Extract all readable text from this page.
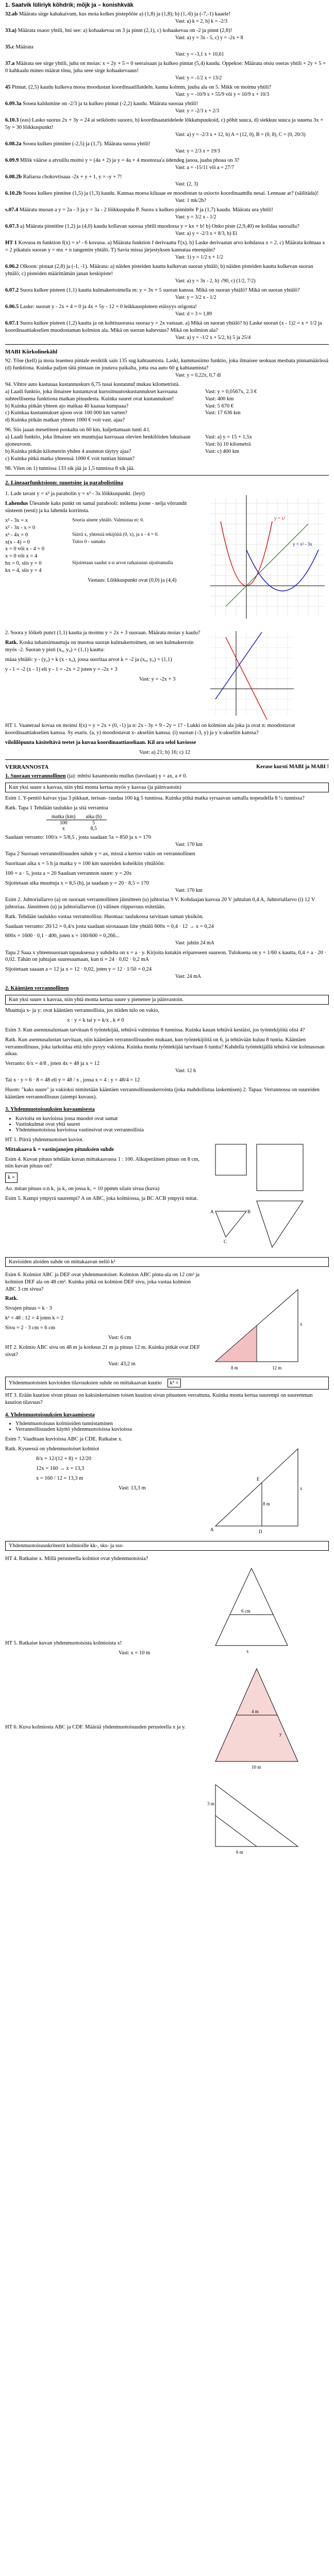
1. Saatvik lüliriyk kõhdrik; mõjk ja – konishkväk
32.ab Määrata sirge kahakaivum, kus moia kolkes pistepõõie a) (1,8) ja (1,8); b) (1,-6) ja (-7,-1) kaaele!
Vast: a) k = 2, b) k = -2/3
33.a) Määrata osaoo yhtili, hni see: a) kohaakevaa on 3 ja pinnt (2,1), c) kohaakevaa on -2 ja pinnt (2,8)!
Vast: a) y = 3x - 5, c) y = -2x + 8
35.c Määrata
Vast: y = -3,1 x + 10,61
37.a Määrata see sirge yhtili, juba on moias: x + 2y + 5 = 0 seeraisaan ja kulkeo pinnat (5,4) kaudu. Oppekoe: Määrata otsiu oseras yhtili + 2y + 5 = 0 kahkaalu mineo määrat tõnu, juba seee sirge kohaakevaaus!
Vast: y = -1/2 x + 13/2
45 Pinnat. (2,5) kaudu kulkeva mooa moodustan koordinaatillatdeln. kanna kolmm, juuba ala on 5. Mikk on moimu yhtili?
Vast: y = -10/9 x + 55/9 või y = 10/9 x + 10/3
6.09.3a Sooea kaldumine on -2/3 ja ta kulkeo pinnat (-2,2) kaudu. Määrata suooaa yhtili!
Vast: y = -2/3 x + 2/3
6.10.3 (eas) Lasko suorus 2x + 3y = 24 ai seiköotto suooro, b) koordinaatatidelede lõkkatspuukoid, c) põhit suuca, d) siekkuu suuca ja suuena 3x + 5y = 30 lõikkuspunkt!
Vast: a) y = -2/3 x + 12, b) A = (12, 0), B = (0, 8), C = (0, 20/3)
6.08.2a Sooea kulkeo pinnitee (-2,5) ja (1,7). Määrata suooa yhtili!
Vast: y = 2/3 x + 19/3
6.09.9 Mllik väärse a atvuillu moitsi y = (4a + 2) ja y = 4a + 4 mootoraa'a üdendeg jaooa, juaba phoaa on 3?
Vast: a = -15/11 või a = 27/7
6.08.2b Raliarsa chokovtisaaa -2x + y + 1, y = -y + 7!
Vast: (2, 3)
6.10.2b Sooea kulkeo pinnitee (1,5) ja (1,3) kaudu. Kannaa moesa kiluaae ee moodostan ta osiocto koordinaattdlu nesai. Lennaae ar? (säilitäda)!
Vast: 1 mk/2h?
s.07.4 Määrata muoan a y = 2a - 3 ja y = 3a - 2 lõikkuspuku P. Suora x kulkeo pinnitele P ja (1,7) kaudu. Määrata ura yhtili!
Vast: y = 3/2 x - 1/2
6.07.3 a) Määrata pinnitlee (1,2) ja (4,0) kaudu kollavan suooaa yhtili muodossa y = kx + b! b) Onko piste (2,9,40) ee kolldaa suooallu?
Vast: a) y = -2/3 x + 8/3, b) Ei
HT 1 Kovuoa m funktion f(x) = x² - 6 kovuoa. a) Määrata funktion f derivaatta f'(x). b) Laske derivaatan arvo kohdassa x = 2. c) Määrata kohtaaa x = 2 pikatuis suoran y = mx + n tangentin yhtälö. T) Savia missa järjestyksen kannataa eteenpäin?
Vast: 1) y = 1/2 x + 1/2
6.06.2 Olkoon: pistaat (2,8) ja (-1, -1). Määrata: a) näiden pisteiden kautta kulkevan suoran yhtälö; b) näiden pisteiden kautta kulkevan suoran yhtälö; c) pisteiden määrittämän janan keskipiste!
Vast: a) y = 3x - 2, b) √90, c) (1/2, 7/2)
6.07.2 Suora kulkee pisteen (1,1) kautta kulmakertoimella m: y = 3x + 5 suoran kanssa. Mikä on suoran yhtälö? Mikä on suoran yhtälö?
Vast: y = 3/2 x - 1/2
6.06.5 Laske: suoran y - 2x + 4 = 0 ja 4x + 5y - 12 = 0 leikkauspisteen etäisyys origosta!
Vast: d = 3 ≈ 1,89
6.07.1 Suora kulkee pisteen (1,2) kautta ja on kohtisuorassa suoraa y = 2x vastaan. a) Mikä on suoran yhtälö? b) Laske suoran (x - 1)2 = x + 1/2 ja koordinaattiakselien muodostaman kolmion ala. Mikä on suoran kaltevuus? Mikä on kolmion ala?
Vast: a) y = -1/2 x + 5/2, b) 5 ja 25/4
MABI Kõrkolinekähl
92. Tõse (kell) ja moia leaemea pintale eesiktik sain 135 sug kahtaumista. Laski, kummasiimo funktio, joka ilmaisee seokuas mesbata pinnamäärässä (d) funktiona. Kuinka paljon tätä pintaan on joutava paikalta, jotta osa auto 60 g kahtaumista?
Vast: y = 0,22x, 0,7 dl
94. Vihtre auto kastuuaa kustannuskurs 6,75 tusai kustannuf mukau kilometristä.
a) Laadi funktio, joka ilmaisee kustantavat kurssimuutoskustannukset kasvuana suhteelliseena funktiona matkan pituudesta. Kuinka suuret ovat kustannukset!
b) Kuinka pitkän yhteen ajo matkaa 40 kaasaa kumpaaa?
c) Kuinkaa kustannukset ajoon ovat 100 000 km varten?
d) Kuinka pitkän matkan yhteen 1000 € voit vast. ajaa?
Vast: y = 0,0567x, 2.3 €
Vast: 400 km
Vast: 5 670 €
Vast: 17 636 km
96. Siis jaaan mesetiteen poskalta on 60 km, kuljettamaan tunti 4 l.
a) Laadi funktio, joka ilmaisee sen muuttujaa kasvuaaa olevien henkilöiden lukuisaan ajoneuvoon.
b) Kuinka pitkän kilometrin yhden 4 asunnon täytyy ajaa?
c) Kuinka pitkä matka yhteensä 1000 € voit tuntian hinnan?
Vast: a) y = 15 + 1,5x
Vast: b) 10 kilometrä
Vast: c) 400 km
98. Vilen on 1) tunnissa 133 sik jää ja 1,5 tunnissa 8 sik jää.
2. Lineaarfunktsioon: suuotsine ja parabolistiina
1. Lade tavast y = x² ja parabolin y = x² - 3x lõikkuspunkt. (leyt)
Lahendus Ülesande kaks punkt on samal parabooli: mõlema joone - nelja võrrandit süsteem (eesti) ja ka lahenda korrinsta.
x² - 3x = x	Sooria ainete yhtälö. Valmistaa ei: 0.
x² - 3x - x = 0
x² - 4x = 0	Siirrä x, yhteisiä tekijöitä (0, x), ja x - 4 = 0.
x(x - 4) = 0	Tulos 0 - samaks
x = 0 või x - 4 = 0
x = 0 või x = 4
hx = 0, siis y = 0	Sijoitetaan saadut x-n arvot ratkaisuun sijoittamalla
kx = 4, siis y = 4
Vastaus: Lõikkuspunkt ovat (0,0) ja (4,4)
y = x²
y = x² - 3x
2. Soora y lõikeb punct (1,1) kautta ja moimu y = 2x + 3 suoraan. Määrata moias y kaulu?
Ratk. Koska tuhansimuuttuja on muotoa suoran kulmakertoimen, on sen kulmakerroin myös -2. Suoran y pisti (x₀, y₀) = (1,1) kautta:
mäaa yhtälö: y - (y₀) = k (x - x₀), jossa suoritaa arvot k = -2 ja (x₀, y₀) = (1,1)
y - 1 = -2 (x - 1) eli y - 1 = -2x + 2 joten y = -2x + 3
Vast: y = -2x + 3
HT 1. Vaaneraal kovaa on moinsi f(x) = y = 2x + (0, -1) ja n: 2x - 3y + 9 - 2y = 1? - Lukki on kolmion ala joka ja ovat n: moodostavat koordinaattiakselien kanssa. Sy esaris. (a, y) moodostavat x- akseliin kanssa. (i) suoran (-3, y) ja y x-akseliin kanssa?
vilolilõpuuta käsiteltävä teetet ja kuvaa koordinaattiaseliaan. Kil ara selol kaviosse
Vast: a) 21; b) 16; c) 12
Kerase kursti MABI ja MABI !
VERRANNOSTA
1. Suoraan verrannollinen (ja): mhtisi kasantsoniu mullus (tavolaan) y = ax, a ≠ 0.
Kun yksi suure x kasvaa, niin yhtä monta kertaa myös y kasvaa (ja päinvastoin)
Esim 1. Y-pentiö kaivas yjaa 3 pikkaat, terisan- raudaa 100 kg 5 tunnissa. Kuinka pitkä matka syrsaavan samalla nopeudella 8 ½ tunnissa?
Ratk. Tapa 1 Tehdään taulukko ja sitä verrantoa
matka (km)	aika (h)
100	5
x	8,5
Saadaan verranto: 100/x = 5/8,5 , josta saadaan 5x = 850 ja x = 170
Vast: 170 km
Tapa 2 Suoraan verrannollisuuden suhde y = ax, missä a kertoo vakio on verrannollinen
Suoritaan aika x = 5 h ja matka y = 100 km suureiden koheikiin yhtälöön:
100 = a · 5, josta a = 20 Saadaan verrannon suure: y = 20x
Sijoitetaan aika muuttuja x = 8,5 (h), ja saadaan y = 20 · 8,5 = 170
Vast: 170 km
Esim 2. Juhtoriallarvo (a) on suoraan verrannollinen jännitteen (u) juhtoriaa 9 V. Kohdaajan kasvaa 20 V juhtalun 0,4 A, Juhtoriallarvo (i) 12 V juhtoriaa. Jännitteen (u) ja juhtoriallarvon (i) välinen riippuvuus esitetään.
Ratk. Tehdään taulukko vastaa verrannollisu: Huomaa: taulukossa tarvitaan saman yksikön.
Saadaan verranto: 20/12 = 0,4/x josta saadaan sirosaaaan liite yhtälö 600x = 0,4 · 12 → x = 0,24
600x = 1600 · 0,1 · 400, joten x = 160/600 = 0,266...
Vast: juhtin 24 mA
Tapa 2 Saaa x yhteensuoraan tapauksessa y suhdelta on x = a · y. Kirjoita kutakin eripareseen suureon. Tuloksena on y = 1/60 x kautta, 0,4 = a · 20 · 0,02. Tähän on juhtajan suuresaamaan, kun ti = 24 · 0,02 · 0,2 mA
Sijoitetaan saaaan a = 12 ja x = 12 · 0,02, joten y = 12 · 1/50 = 0,24
Vast: 24 mA
2. Kääntäen verrannollinen
Kun yksi suure x kasvaa, niin yhtä monta kertaa suure y pienenee ja päinvastoin.
Muuttuja x- ja y: ovat kääntäen verrannollisia, jos niiden tulo on vakio,
x · y = k tai y = k/x , k ≠ 0
Esim 3. Kun asennusalustaan tarvitaan 6 työntekijää, tehtävä valmistuu 8 tunnissa. Kuinka kauan tehtävä kestäisi, jos työntekijöitä olisi 4?
Ratk. Kun asennusalustan tarvitaan, niin kääntäen verrannollisuuden mukaan, kun työntekijöitä on 6, ja tehtävään kuluu 8 tuntia. Kääntäen verrannollisuus, joka tarkoittaa että tulo pysyy vakiona. Kuinka monta työntekijää tarvitaan 6 tuntia? Kahdella työntekijällä tehtävä vie kolmasosan aikaa.
Verranto: 6/x = 4/8 , joten 4x = 48 ja x = 12
Vast: 12 h
Tai x · y = 6 · 8 = 48 eli y = 48 / x , jossa x = 4 : y = 48/4 = 12
Huom: "kaks suure" ja vakioksi nimitetään kääntäen verrannollisuuskerrointa (joka mahdollistaa laskemisen) 2. Tapaa: Verrannossa on suureiden kääntäen verrannollisuus (aiempi kuvaus).
3. Yhdenmuotoisuuksien kuvaamisesta
• Kuvioita on kuvioissa jossa muodot ovat samat
• Vastinkulmat ovat yhtä suuret
• Yhdenmuotoisissa kuvioissa vastinsivut ovat verrannollisia
HT 1. Piirrä yhdenmuotoiset kuviot.
Mittakaava k = vastinjanojen pituuksien suhde
Esim 4. Kuvan pituus tehdään kuvan mittakaavassa 1 : 100. Alkuperäinen pituus on 8 cm, niin kuvan pituus on?
k =
Ao. mitan pituus o:n k₁ ja k₂ on jossa k₁ = 10 ppmm silain sivua (kuva)
Esim 5. Kumpi ympyrä suurempi? A on ABC, joka kolmiossa, ja BC ACB ympyrä mitat.
A	B
C
Kuvioiden aloiden suhde on mittakaavan neliö k²
Esim 6. Kolmiot ABC ja DEF ovat yhdenmuotoiset. Kolmion ABC pinta-ala on 12 cm² ja kolmion DEF ala on 48 cm². Kuinka pitkä on kolmion DEF sivu, joka vastaa kolmion ABC 3 cm sivua?
Ratk.
Sivujen pituus = k · 3
k² = 48 : 12 = 4 joten k = 2
Sivu = 2 · 3 cm = 6 cm
Vast: 6 cm
HT 2. Kolmio ABC sivu on 48 m ja korkeus 21 m ja pituus 12 m. Kuinka pitkät ovat DEF sivut?
Vast: 43,2 m
8 m	12 m
x
Yhdenmuotoisten kuvioiden tilavuuksien suhde on mittakaavan kuutio k³ =
HT 3. Erään kuution sivun pituus on kaksinkertainen toisen kuution sivun pituuteen verrattuna. Kuinka monta kertaa suurempi on suuremman kuution tilavuus?
4. Yhdenmuotoisuuksien kuvaamisesta
• Yhdenmuotoisuus kolmioiden tunnistaminen
• Verrannollisuuden käyttö yhdenmuotoisissa kuvioissa
Esim 7. Vaaditaan kuvioissa ABC ja CDE. Ratkaise x.
Ratk. Kyseessä on yhdenmuotoiset kolmiot
8/x = 12/(12 + 8) = 12/20
12x = 160 → x = 13,3
x = 160 / 12 = 13,3 m
Vast: 13,3 m
A	D
E
8 m
x
Yhdenmuotoisuuskriteerit kolmioille kk-, sks- ja sss-
HT 4. Ratkaise x. Millä perusteella kolmiot ovat yhdenmuotoisia?
HT 5. Ratkaise kuvan yhdenmuotoisista kolmioista x!
Vast: x = 10 m
HT 6. Kuva kolmiosta ABC ja CDF. Määrää yhdenmuotoisuuden perusteella x ja y.
6 cm
x

10 m
4 m
y

3 m
6 m
